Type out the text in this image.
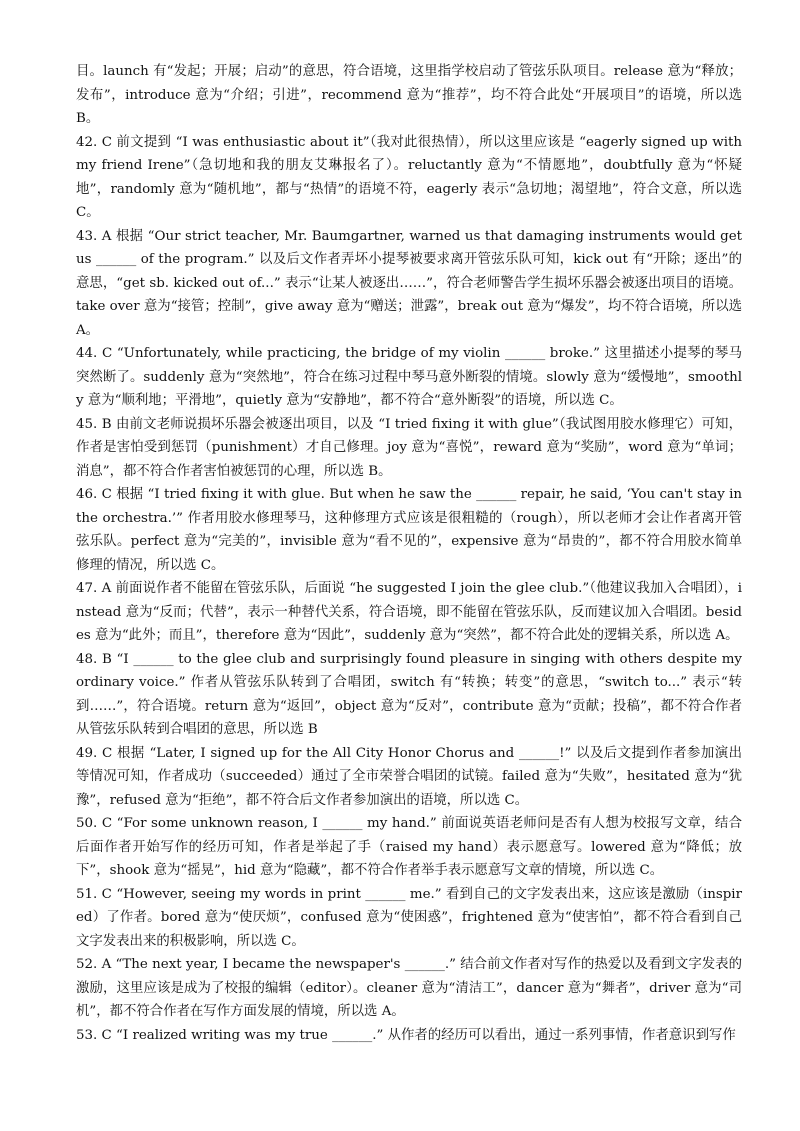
目。launch 有“发起；开展；启动”的意思，符合语境，这里指学校启动了管弦乐队项目。release 意为“释放；发布”，introduce 意为“介绍；引进”，recommend 意为“推荐”，均不符合此处“开展项目”的语境，所以选 B。

42. C 前文提到 “I was enthusiastic about it”（我对此很热情），所以这里应该是 “eagerly signed up with my friend Irene”（急切地和我的朋友艾琳报名了）。reluctantly 意为“不情愿地”，doubtfully 意为“怀疑地”，randomly 意为“随机地”，都与“热情”的语境不符，eagerly 表示“急切地；渴望地”，符合文意，所以选 C。

43. A 根据 “Our strict teacher, Mr. Baumgartner, warned us that damaging instruments would get us ______ of the program.” 以及后文作者弄坏小提琴被要求离开管弦乐队可知，kick out 有“开除；逐出”的意思，“get sb. kicked out of...” 表示“让某人被逐出……”，符合老师警告学生损坏乐器会被逐出项目的语境。take over 意为“接管；控制”，give away 意为“赠送；泄露”，break out 意为“爆发”，均不符合语境，所以选 A。

44. C “Unfortunately, while practicing, the bridge of my violin ______ broke.” 这里描述小提琴的琴马突然断了。suddenly 意为“突然地”，符合在练习过程中琴马意外断裂的情境。slowly 意为“缓慢地”，smoothly 意为“顺利地；平滑地”，quietly 意为“安静地”，都不符合“意外断裂”的语境，所以选 C。

45. B 由前文老师说损坏乐器会被逐出项目，以及 “I tried fixing it with glue”（我试图用胶水修理它）可知，作者是害怕受到惩罚（punishment）才自己修理。joy 意为“喜悦”，reward 意为“奖励”，word 意为“单词；消息”，都不符合作者害怕被惩罚的心理，所以选 B。

46. C 根据 “I tried fixing it with glue. But when he saw the ______ repair, he said, ‘You can't stay in the orchestra.’” 作者用胶水修理琴马，这种修理方式应该是很粗糙的（rough），所以老师才会让作者离开管弦乐队。perfect 意为“完美的”，invisible 意为“看不见的”，expensive 意为“昂贵的”，都不符合用胶水简单修理的情况，所以选 C。

47. A 前面说作者不能留在管弦乐队，后面说 “he suggested I join the glee club.”（他建议我加入合唱团），instead 意为“反而；代替”，表示一种替代关系，符合语境，即不能留在管弦乐队，反而建议加入合唱团。besides 意为“此外；而且”，therefore 意为“因此”，suddenly 意为“突然”，都不符合此处的逻辑关系，所以选 A。

48. B “I ______ to the glee club and surprisingly found pleasure in singing with others despite my ordinary voice.” 作者从管弦乐队转到了合唱团，switch 有“转换；转变”的意思，“switch to...” 表示“转到……”，符合语境。return 意为“返回”，object 意为“反对”，contribute 意为“贡献；投稿”，都不符合作者从管弦乐队转到合唱团的意思，所以选 B

49. C 根据 “Later, I signed up for the All City Honor Chorus and ______!” 以及后文提到作者参加演出等情况可知，作者成功（succeeded）通过了全市荣誉合唱团的试镜。failed 意为“失败”，hesitated 意为“犹豫”，refused 意为“拒绝”，都不符合后文作者参加演出的语境，所以选 C。

50. C “For some unknown reason, I ______ my hand.” 前面说英语老师问是否有人想为校报写文章，结合后面作者开始写作的经历可知，作者是举起了手（raised my hand）表示愿意写。lowered 意为“降低；放下”，shook 意为“摇晃”，hid 意为“隐藏”，都不符合作者举手表示愿意写文章的情境，所以选 C。

51. C “However, seeing my words in print ______ me.” 看到自己的文字发表出来，这应该是激励（inspired）了作者。bored 意为“使厌烦”，confused 意为“使困惑”，frightened 意为“使害怕”，都不符合看到自己文字发表出来的积极影响，所以选 C。

52. A “The next year, I became the newspaper's ______.” 结合前文作者对写作的热爱以及看到文字发表的激励，这里应该是成为了校报的编辑（editor）。cleaner 意为“清洁工”，dancer 意为“舞者”，driver 意为“司机”，都不符合作者在写作方面发展的情境，所以选 A。

53. C “I realized writing was my true ______.” 从作者的经历可以看出，通过一系列事情，作者意识到写作
